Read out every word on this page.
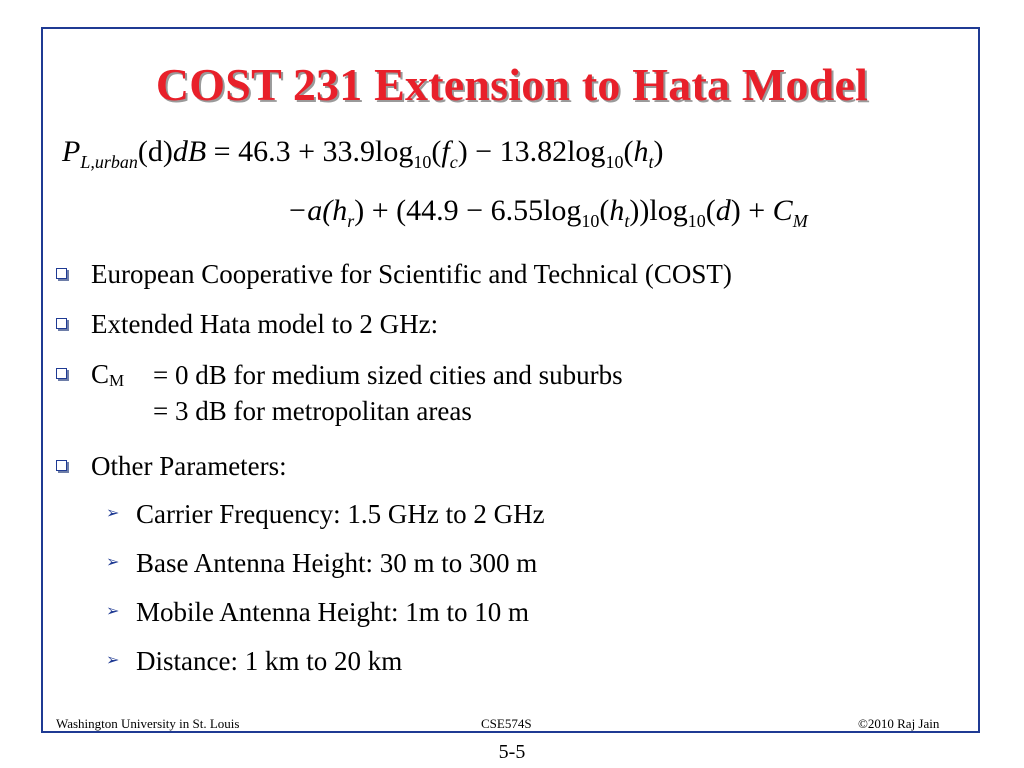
COST 231 Extension to Hata Model
$P_{L,urban}(d)dB = 46.3 + 33.9\log_{10}(f_c) - 13.82\log_{10}(h_t)$
$-a(h_r) + (44.9 - 6.55\log_{10}(h_t))\log_{10}(d) + C_M$
European Cooperative for Scientific and Technical (COST)
Extended Hata model to 2 GHz:
$C_M$	= 0 dB for medium sized cities and suburbs
= 3 dB for metropolitan areas
Other Parameters:
➢ Carrier Frequency: 1.5 GHz to 2 GHz
➢ Base Antenna Height: 30 m to 300 m
➢ Mobile Antenna Height: 1m to 10 m
➢ Distance: 1 km to 20 km
Washington University in St. Louis	CSE574S	©2010 Raj Jain
5-5
